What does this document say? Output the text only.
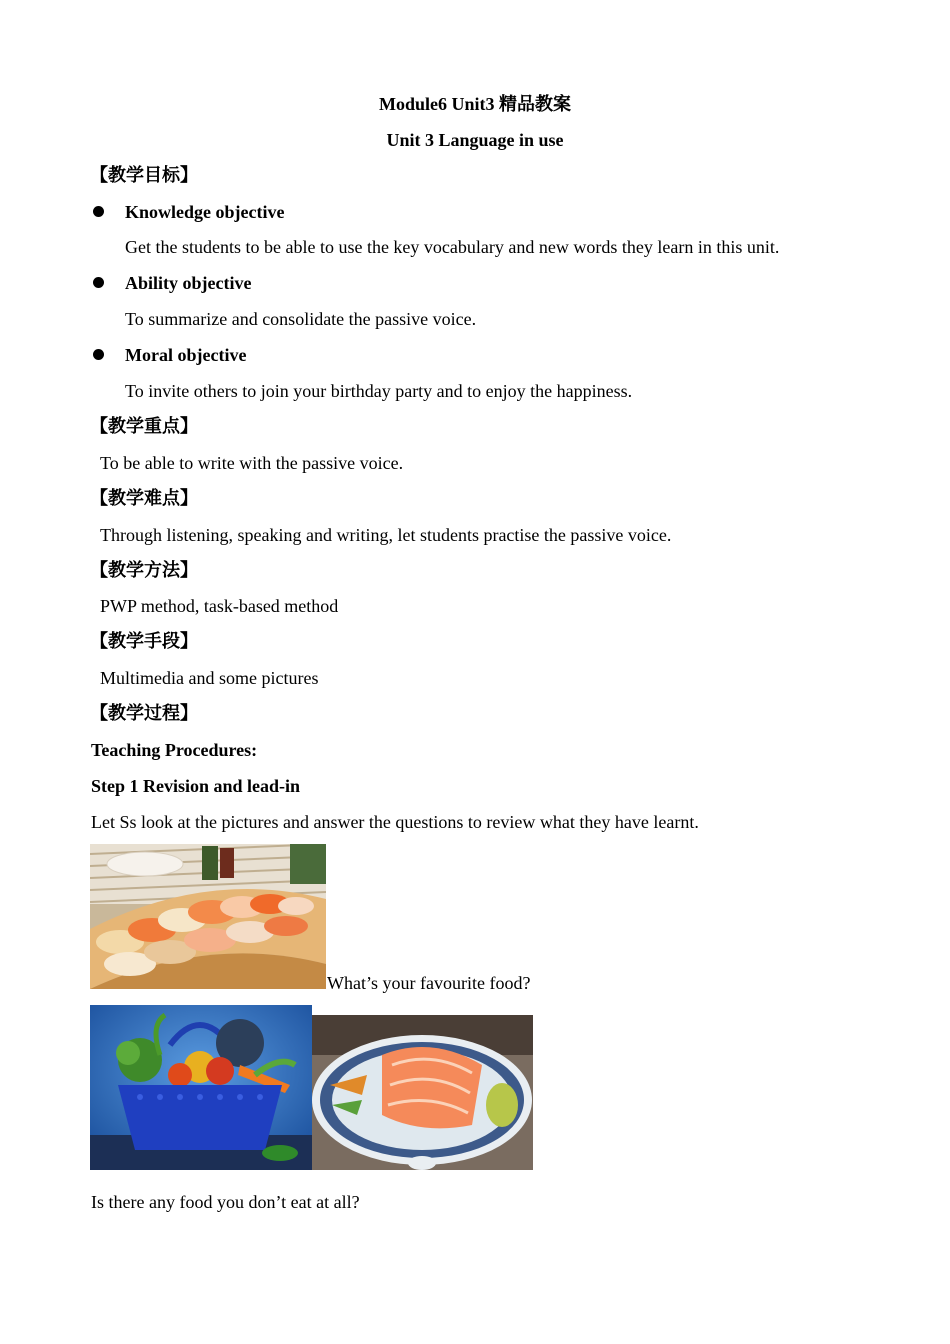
Module6 Unit3 精品教案
Unit 3 Language in use
【教学目标】
Knowledge objective
Get the students to be able to use the key vocabulary and new words they learn in this unit.
Ability objective
To summarize and consolidate the passive voice.
Moral objective
To invite others to join your birthday party and to enjoy the happiness.
【教学重点】
To be able to write with the passive voice.
【教学难点】
Through listening, speaking and writing, let students practise the passive voice.
【教学方法】
PWP method, task-based method
【教学手段】
Multimedia and some pictures
【教学过程】
Teaching Procedures:
Step 1 Revision and lead-in
Let Ss look at the pictures and answer the questions to review what they have learnt.
What’s your favourite food?
Is there any food you don’t eat at all?
